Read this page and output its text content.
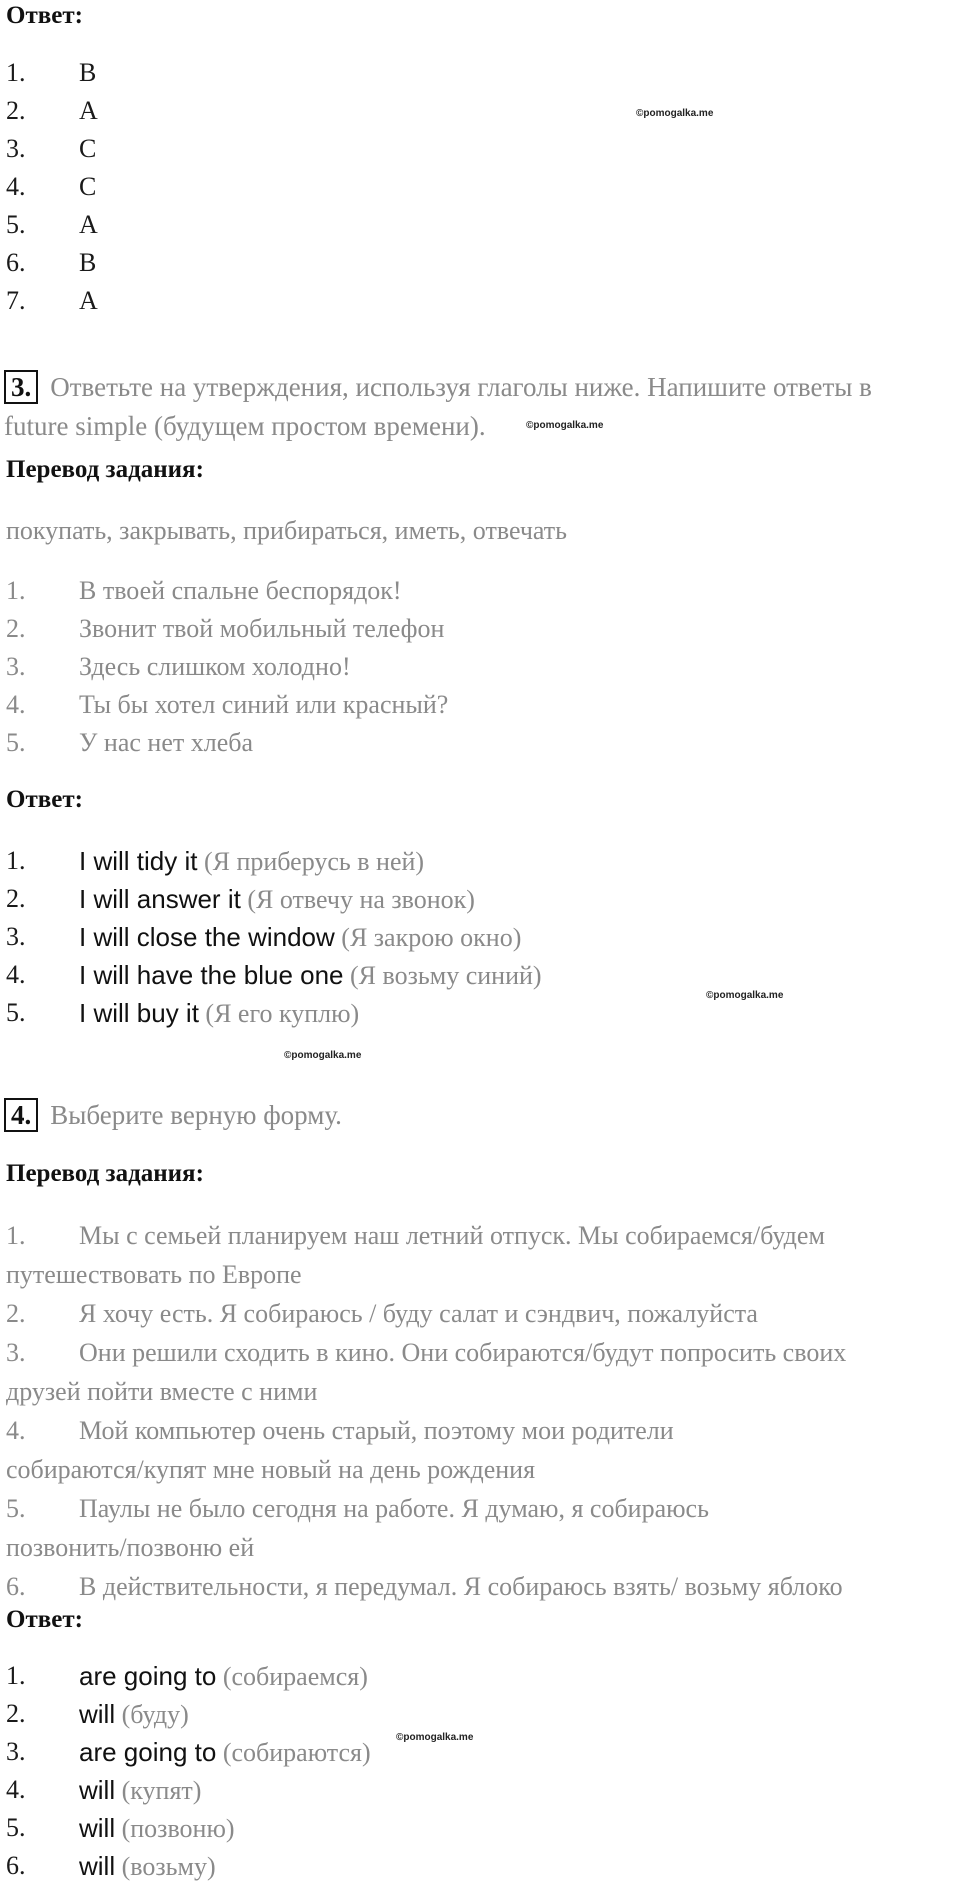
Ответ:
1. B
2. A
3. C
4. C
5. A
6. B
7. A
©pomogalka.me
3. Ответьте на утверждения, используя глаголы ниже. Напишите ответы в
future simple (будущем простом времени).	©pomogalka.me
Перевод задания:
покупать, закрывать, прибираться, иметь, отвечать
1. В твоей спальне беспорядок!
2. Звонит твой мобильный телефон
3. Здесь слишком холодно!
4. Ты бы хотел синий или красный?
5. У нас нет хлеба
Ответ:
1. I will tidy it (Я приберусь в ней)
2. I will answer it (Я отвечу на звонок)
3. I will close the window (Я закрою окно)
4. I will have the blue one (Я возьму синий)
5. I will buy it (Я его куплю)
©pomogalka.me
©pomogalka.me
4. Выберите верную форму.
Перевод задания:
1. Мы с семьей планируем наш летний отпуск. Мы собираемся/будем
путешествовать по Европе
2. Я хочу есть. Я собираюсь / буду салат и сэндвич, пожалуйста
3. Они решили сходить в кино. Они собираются/будут попросить своих
друзей пойти вместе с ними
4. Мой компьютер очень старый, поэтому мои родители
собираются/купят мне новый на день рождения
5. Паулы не было сегодня на работе. Я думаю, я собираюсь
позвонить/позвоню ей
6. В действительности, я передумал. Я собираюсь взять/ возьму яблоко
Ответ:
1. are going to (собираемся)
2. will (буду)
3. are going to (собираются)
4. will (купят)
5. will (позвоню)
6. will (возьму)
©pomogalka.me
